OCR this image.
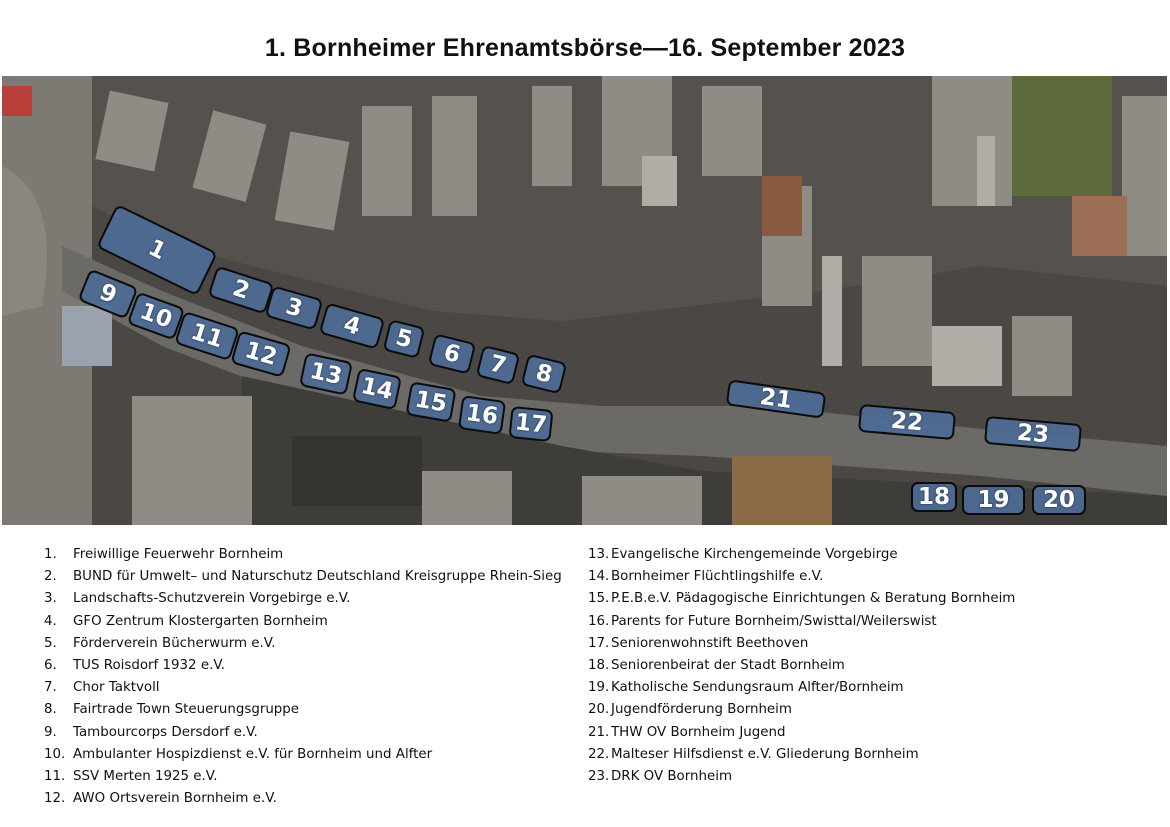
1. Bornheimer Ehrenamtsbörse—16. September 2023
1
2
3
4	5
6	7	8
9
10
11
12
13 14 15 16 17
18	19	20
21
22	23
1.	Freiwillige Feuerwehr Bornheim
2.	BUND für Umwelt– und Naturschutz Deutschland Kreisgruppe Rhein-Sieg
3.	Landschafts-Schutzverein Vorgebirge e.V.
4.	GFO Zentrum Klostergarten Bornheim
5.	Förderverein Bücherwurm e.V.
6.	TUS Roisdorf 1932 e.V.
7.	Chor Taktvoll
8.	Fairtrade Town Steuerungsgruppe
9.	Tambourcorps Dersdorf e.V.
10. Ambulanter Hospizdienst e.V. für Bornheim und Alfter
11. SSV Merten 1925 e.V.
12. AWO Ortsverein Bornheim e.V.
13. Evangelische Kirchengemeinde Vorgebirge
14. Bornheimer Flüchtlingshilfe e.V.
15. P.E.B.e.V. Pädagogische Einrichtungen & Beratung Bornheim
16. Parents for Future Bornheim/Swisttal/Weilerswist
17. Seniorenwohnstift Beethoven
18. Seniorenbeirat der Stadt Bornheim
19. Katholische Sendungsraum Alfter/Bornheim
20. Jugendförderung Bornheim
21. THW OV Bornheim Jugend
22. Malteser Hilfsdienst e.V. Gliederung Bornheim
23. DRK OV Bornheim
